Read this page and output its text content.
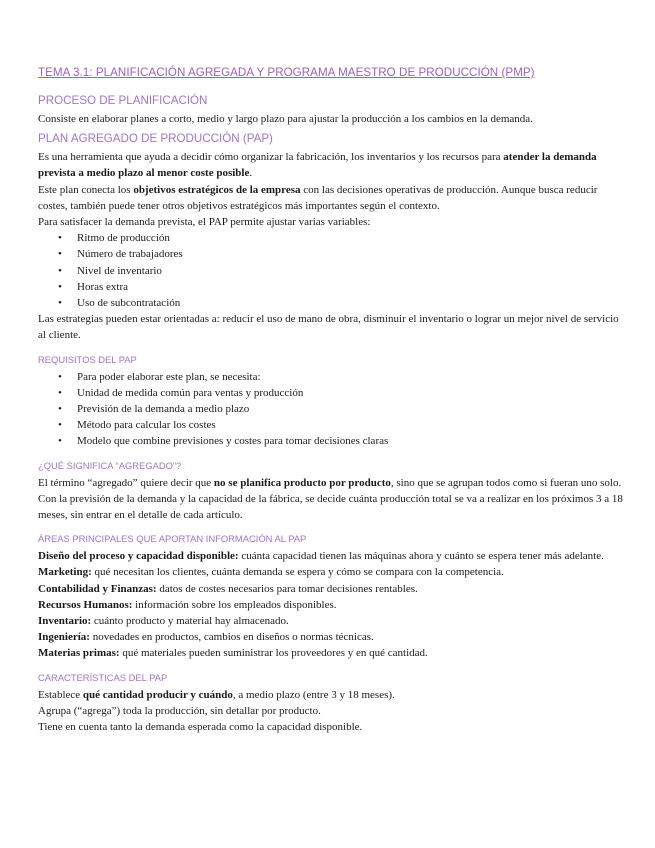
TEMA 3.1: PLANIFICACIÓN AGREGADA Y PROGRAMA MAESTRO DE PRODUCCIÓN (PMP)
PROCESO DE PLANIFICACIÓN

Consiste en elaborar planes a corto, medio y largo plazo para ajustar la producción a los cambios en la demanda.

PLAN AGREGADO DE PRODUCCIÓN (PAP)

Es una herramienta que ayuda a decidir cómo organizar la fabricación, los inventarios y los recursos para atender la demanda prevista a medio plazo al menor coste posible.

Este plan conecta los objetivos estratégicos de la empresa con las decisiones operativas de producción. Aunque busca reducir costes, también puede tener otros objetivos estratégicos más importantes según el contexto.

Para satisfacer la demanda prevista, el PAP permite ajustar varias variables:

• Ritmo de producción
• Número de trabajadores
• Nivel de inventario
• Horas extra
• Uso de subcontratación

Las estrategias pueden estar orientadas a: reducir el uso de mano de obra, disminuir el inventario o lograr un mejor nivel de servicio al cliente.

REQUISITOS DEL PAP
• Para poder elaborar este plan, se necesita:
• Unidad de medida común para ventas y producción
• Previsión de la demanda a medio plazo
• Método para calcular los costes
• Modelo que combine previsiones y costes para tomar decisiones claras
¿QUÉ SIGNIFICA “AGREGADO”?

El término “agregado” quiere decir que no se planifica producto por producto, sino que se agrupan todos como si fueran uno solo.

Con la previsión de la demanda y la capacidad de la fábrica, se decide cuánta producción total se va a realizar en los próximos 3 a 18 meses, sin entrar en el detalle de cada artículo.

ÁREAS PRINCIPALES QUE APORTAN INFORMACIÓN AL PAP

Diseño del proceso y capacidad disponible: cuánta capacidad tienen las máquinas ahora y cuánto se espera tener más adelante.

Marketing: qué necesitan los clientes, cuánta demanda se espera y cómo se compara con la competencia.

Contabilidad y Finanzas: datos de costes necesarios para tomar decisiones rentables.

Recursos Humanos: información sobre los empleados disponibles.

Inventario: cuánto producto y material hay almacenado.

Ingeniería: novedades en productos, cambios en diseños o normas técnicas.

Materias primas: qué materiales pueden suministrar los proveedores y en qué cantidad.

CARACTERÍSTICAS DEL PAP

Establece qué cantidad producir y cuándo, a medio plazo (entre 3 y 18 meses).

Agrupa (“agrega”) toda la producción, sin detallar por producto.

Tiene en cuenta tanto la demanda esperada como la capacidad disponible.
